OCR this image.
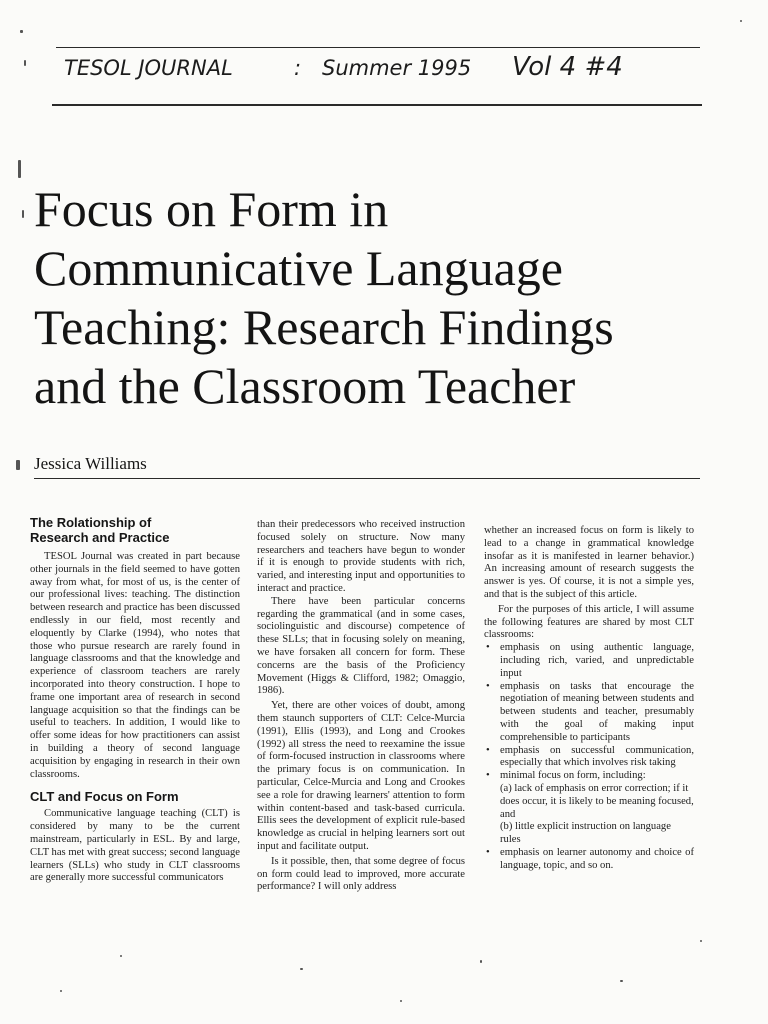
TESOL JOURNAL	: Summer 1995 Vol 4 #4
Focus on Form in
Communicative Language
Teaching: Research Findings
and the Classroom Teacher
Jessica Williams
The Rolationship of
Research and Practice

TESOL Journal was created in part because other journals in the field seemed to have gotten away from what, for most of us, is the center of our professional lives: teaching. The distinction between research and practice has been discussed endlessly in our field, most recently and eloquently by Clarke (1994), who notes that those who pursue research are rarely found in language classrooms and that the knowledge and experience of classroom teachers are rarely incorporated into theory construction. I hope to frame one important area of research in second language acquisition so that the findings can be useful to teachers. In addition, I would like to offer some ideas for how practitioners can assist in building a theory of second language acquisition by engaging in research in their own classrooms.

CLT and Focus on Form

Communicative language teaching (CLT) is considered by many to be the current mainstream, particularly in ESL. By and large, CLT has met with great success; second language learners (SLLs) who study in CLT classrooms are generally more successful communicators

than their predecessors who received instruction focused solely on structure. Now many researchers and teachers have begun to wonder if it is enough to provide students with rich, varied, and interesting input and opportunities to interact and practice.

There have been particular concerns regarding the grammatical (and in some cases, sociolinguistic and discourse) competence of these SLLs; that in focusing solely on meaning, we have forsaken all concern for form. These concerns are the basis of the Proficiency Movement (Higgs & Clifford, 1982; Omaggio, 1986).

Yet, there are other voices of doubt, among them staunch supporters of CLT: Celce-Murcia (1991), Ellis (1993), and Long and Crookes (1992) all stress the need to reexamine the issue of form-focused instruction in classrooms where the primary focus is on communication. In particular, Celce-Murcia and Long and Crookes see a role for drawing learners' attention to form within content-based and task-based curricula. Ellis sees the development of explicit rule-based knowledge as crucial in helping learners sort out input and facilitate output.

Is it possible, then, that some degree of focus on form could lead to improved, more accurate performance? I will only address

whether an increased focus on form is likely to lead to a change in grammatical knowledge insofar as it is manifested in learner behavior.) An increasing amount of research suggests the answer is yes. Of course, it is not a simple yes, and that is the subject of this article.

For the purposes of this article, I will assume the following features are shared by most CLT classrooms:

• emphasis on using authentic language, including rich, varied, and unpredictable input
• emphasis on tasks that encourage the negotiation of meaning between students and between students and teacher, presumably with the goal of making input comprehensible to participants
• emphasis on successful communication, especially that which involves risk taking
• minimal focus on form, including:
(a) lack of emphasis on error correction; if it does occur, it is likely to be meaning focused, and
(b) little explicit instruction on language rules
• emphasis on learner autonomy and choice of language, topic, and so on.
